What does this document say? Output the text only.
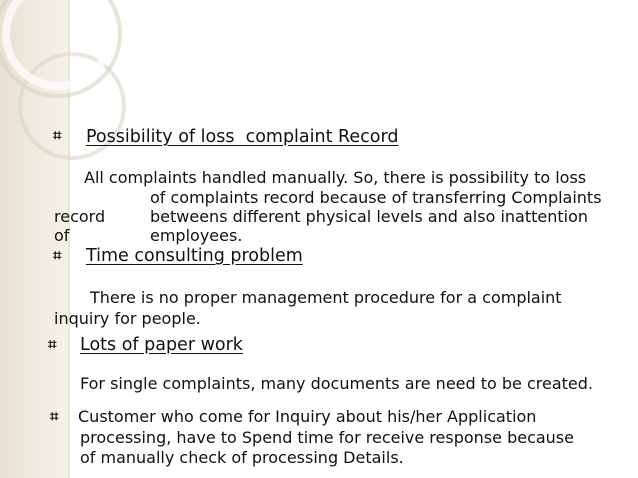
⌗ Possibility of loss  complaint Record
All complaints handled manually. So, there is possibility to loss
of complaints record because of transferring Complaints
record	betweens different physical levels and also inattention
of	employees.
⌗ Time consulting problem
There is no proper management procedure for a complaint
inquiry for people.
⌗ Lots of paper work
For single complaints, many documents are need to be created.
⌗ Customer who come for Inquiry about his/her Application
processing, have to Spend time for receive response because
of manually check of processing Details.
